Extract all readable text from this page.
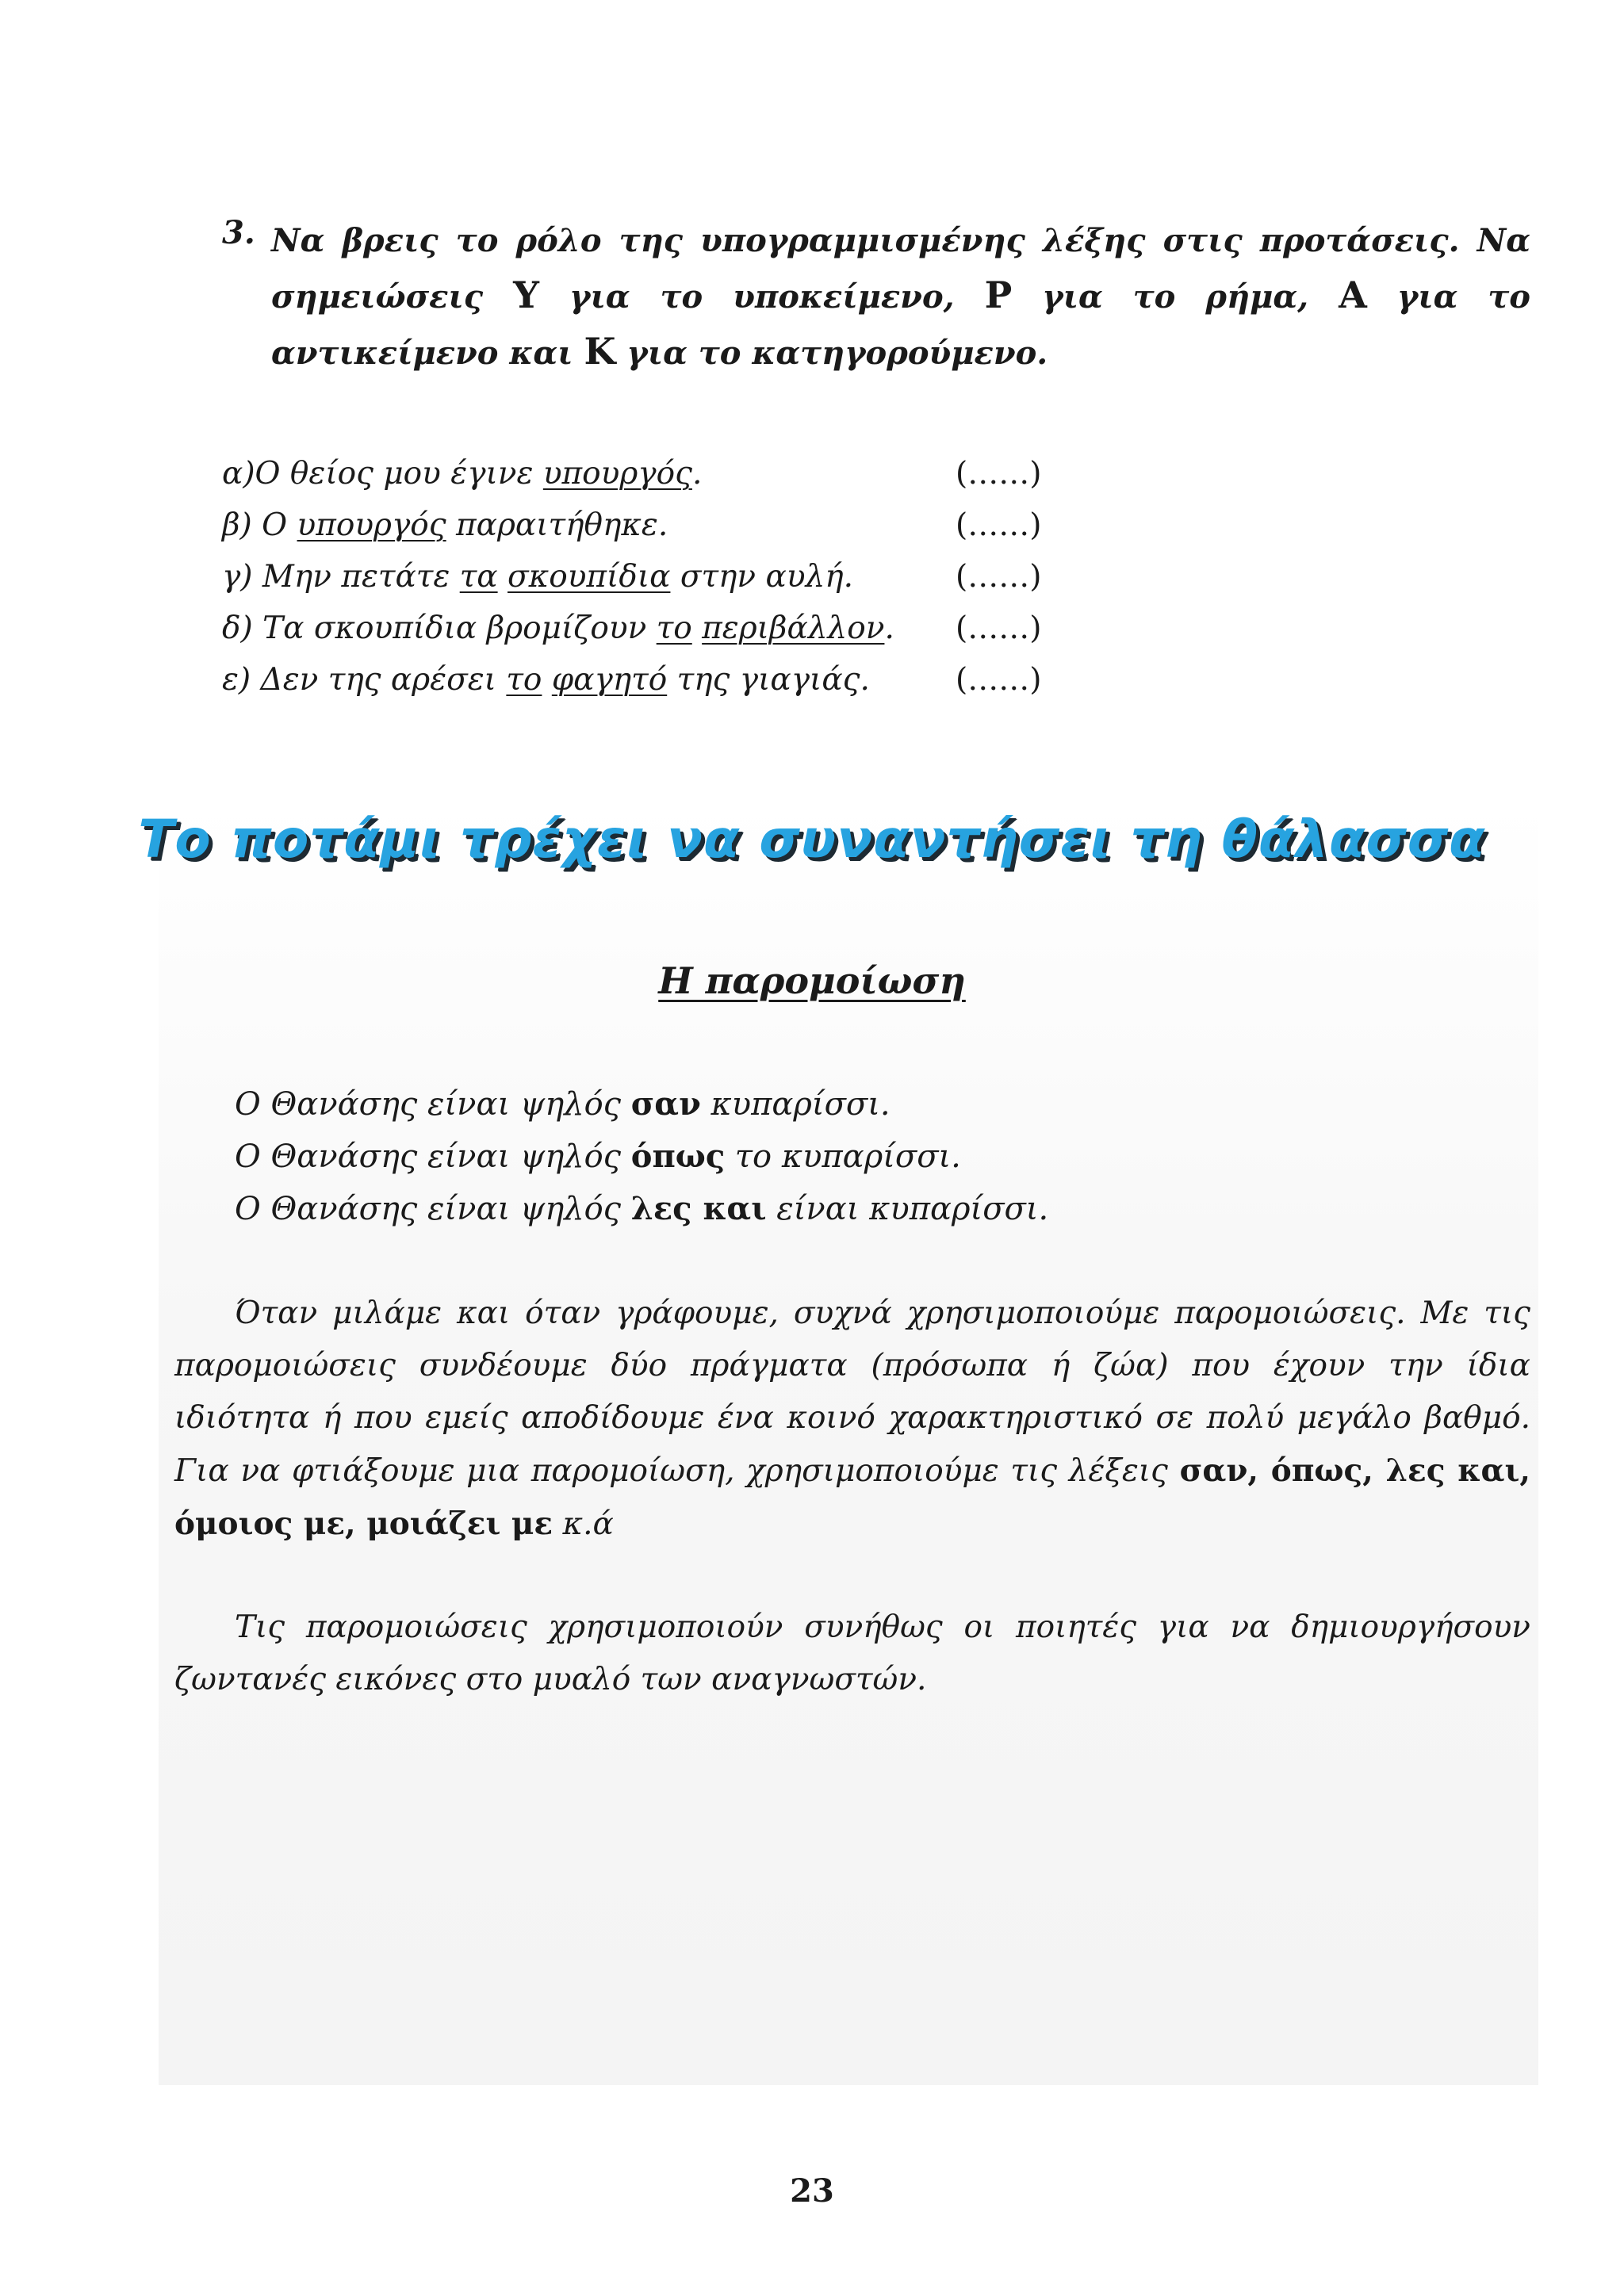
3. Να βρεις το ρόλο της υπογραμμισμένης λέξης στις προτάσεις. Να σημειώσεις Υ για το υποκείμενο, Ρ για το ρήμα, Α για το αντικείμενο και Κ για το κατηγορούμενο.
α)Ο θείος μου έγινε υπουργός.	(……)
β) Ο υπουργός παραιτήθηκε.	(……)
γ) Μην πετάτε τα σκουπίδια στην αυλή.	(……)
δ) Τα σκουπίδια βρομίζουν το περιβάλλον. (……)
ε) Δεν της αρέσει το φαγητό της γιαγιάς.	(……)
Το ποτάμι τρέχει να συναντήσει τη θάλασσα
Η παρομοίωση
Ο Θανάσης είναι ψηλός σαν κυπαρίσσι.
Ο Θανάσης είναι ψηλός όπως το κυπαρίσσι.
Ο Θανάσης είναι ψηλός λες και είναι κυπαρίσσι.
Όταν μιλάμε και όταν γράφουμε, συχνά χρησιμοποιούμε παρομοιώσεις. Με τις παρομοιώσεις συνδέουμε δύο πράγματα (πρόσωπα ή ζώα) που έχουν την ίδια ιδιότητα ή που εμείς αποδίδουμε ένα κοινό χαρακτηριστικό σε πολύ μεγάλο βαθμό. Για να φτιάξουμε μια παρομοίωση, χρησιμοποιούμε τις λέξεις σαν, όπως, λες και, όμοιος με, μοιάζει με κ.ά
Τις παρομοιώσεις χρησιμοποιούν συνήθως οι ποιητές για να δημιουργήσουν ζωντανές εικόνες στο μυαλό των αναγνωστών.
23
